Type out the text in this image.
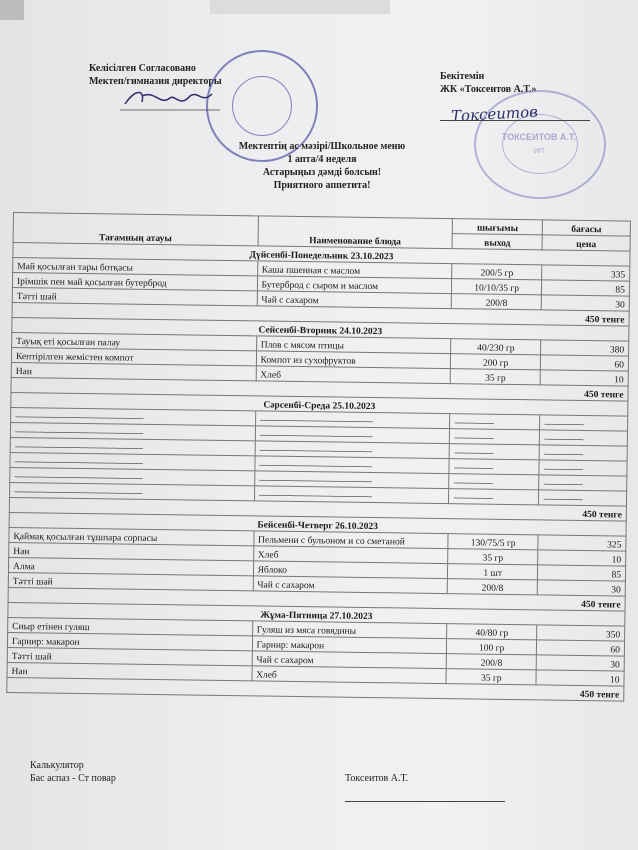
Келісілген Согласовано
Мектеп/гимназия директоры	Бекітемін
ЖК «Токсеитов А.Т.»
ТОКСЕИТОВ А.Т.
ИП
Токсеитов
Мектептің ас мәзірі/Школьное меню
1 апта/4 неделя
Астарыңыз дәмді болсын!
Приятного аппетита!
Тағамның атауы	Наименование блюда	шығымы	бағасы
		выход	цена
Дүйсенбі-Понедельник 23.10.2023			
Май қосылған тары ботқасы	Каша пшенная с маслом	200/5 гр	335
Ірімшік пен май қосылған бутерброд	Бутерброд с сыром и маслом	10/10/35 гр	85
Тәтті шай	Чай с сахаром	200/8	30
450 тенге			
Сейсенбі-Вторник 24.10.2023			
Тауық еті қосылған палау	Плов с мясом птицы	40/230 гр	380
Кептірілген жемістен компот	Компот из сухофруктов	200 гр	60
Нан	Хлеб	35 гр	10
450 тенге			
Сәрсенбі-Среда 25.10.2023			
-----------------------------------------------------------	----------------------------------------------------	------------------	------------------
-----------------------------------------------------------	----------------------------------------------------	------------------	------------------
-----------------------------------------------------------	----------------------------------------------------	------------------	------------------
-----------------------------------------------------------	----------------------------------------------------	------------------	------------------
-----------------------------------------------------------	----------------------------------------------------	------------------	------------------
-----------------------------------------------------------	----------------------------------------------------	------------------	------------------
450 тенге			
Бейсенбі-Четверг 26.10.2023			
Қаймақ қосылған тұшпара сорпасы	Пельмени с бульоном и со сметаной	130/75/5 гр	325
Нан	Хлеб	35 гр	10
Алма	Яблоко	1 шт	85
Тәтті шай	Чай с сахаром	200/8	30
450 тенге			
Жұма-Пятница 27.10.2023			
Сиыр етінен гуляш	Гуляш из мяса говядины	40/80 гр	350
Гарнир: макарон	Гарнир: макарон	100 гр	60
Тәтті шай	Чай с сахаром	200/8	30
Нан	Хлеб	35 гр	10
450 тенге			
Калькулятор
Бас аспаз - Ст повар	Токсеитов А.Т.
